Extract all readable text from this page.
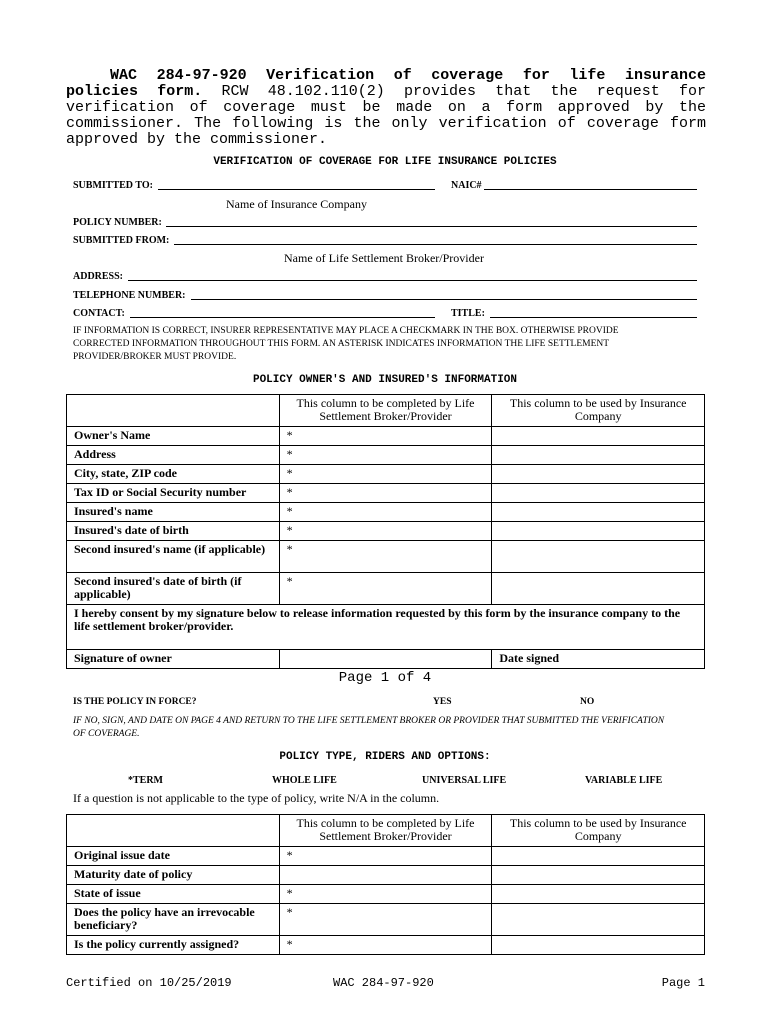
WAC 284-97-920 Verification of coverage for life insurance policies form. RCW 48.102.110(2) provides that the request for verification of coverage must be made on a form approved by the commissioner. The following is the only verification of coverage form approved by the commissioner.
VERIFICATION OF COVERAGE FOR LIFE INSURANCE POLICIES
SUBMITTED TO:	NAIC#
Name of Insurance Company
POLICY NUMBER:
SUBMITTED FROM:
Name of Life Settlement Broker/Provider
ADDRESS:
TELEPHONE NUMBER:
CONTACT:	TITLE:
IF INFORMATION IS CORRECT, INSURER REPRESENTATIVE MAY PLACE A CHECKMARK IN THE BOX. OTHERWISE PROVIDE CORRECTED INFORMATION THROUGHOUT THIS FORM. AN ASTERISK INDICATES INFORMATION THE LIFE SETTLEMENT PROVIDER/BROKER MUST PROVIDE.
POLICY OWNER'S AND INSURED'S INFORMATION
	This column to be completed by Life Settlement Broker/Provider	This column to be used by Insurance Company
Owner's Name	*	
Address	*	
City, state, ZIP code	*	
Tax ID or Social Security number	*	
Insured's name	*	
Insured's date of birth	*	
Second insured's name (if applicable)	*	
Second insured's date of birth (if applicable)	*	
I hereby consent by my signature below to release information requested by this form by the insurance company to the life settlement broker/provider.		
Signature of owner		Date signed
Page 1 of 4
IS THE POLICY IN FORCE?	YES	NO
IF NO, SIGN, AND DATE ON PAGE 4 AND RETURN TO THE LIFE SETTLEMENT BROKER OR PROVIDER THAT SUBMITTED THE VERIFICATION OF COVERAGE.
POLICY TYPE, RIDERS AND OPTIONS:
*TERM	WHOLE LIFE	UNIVERSAL LIFE	VARIABLE LIFE
If a question is not applicable to the type of policy, write N/A in the column.
	This column to be completed by Life Settlement Broker/Provider	This column to be used by Insurance Company
Original issue date	*	
Maturity date of policy		
State of issue	*	
Does the policy have an irrevocable beneficiary?	*	
Is the policy currently assigned?	*	
Certified on 10/25/2019	WAC 284-97-920	Page 1
